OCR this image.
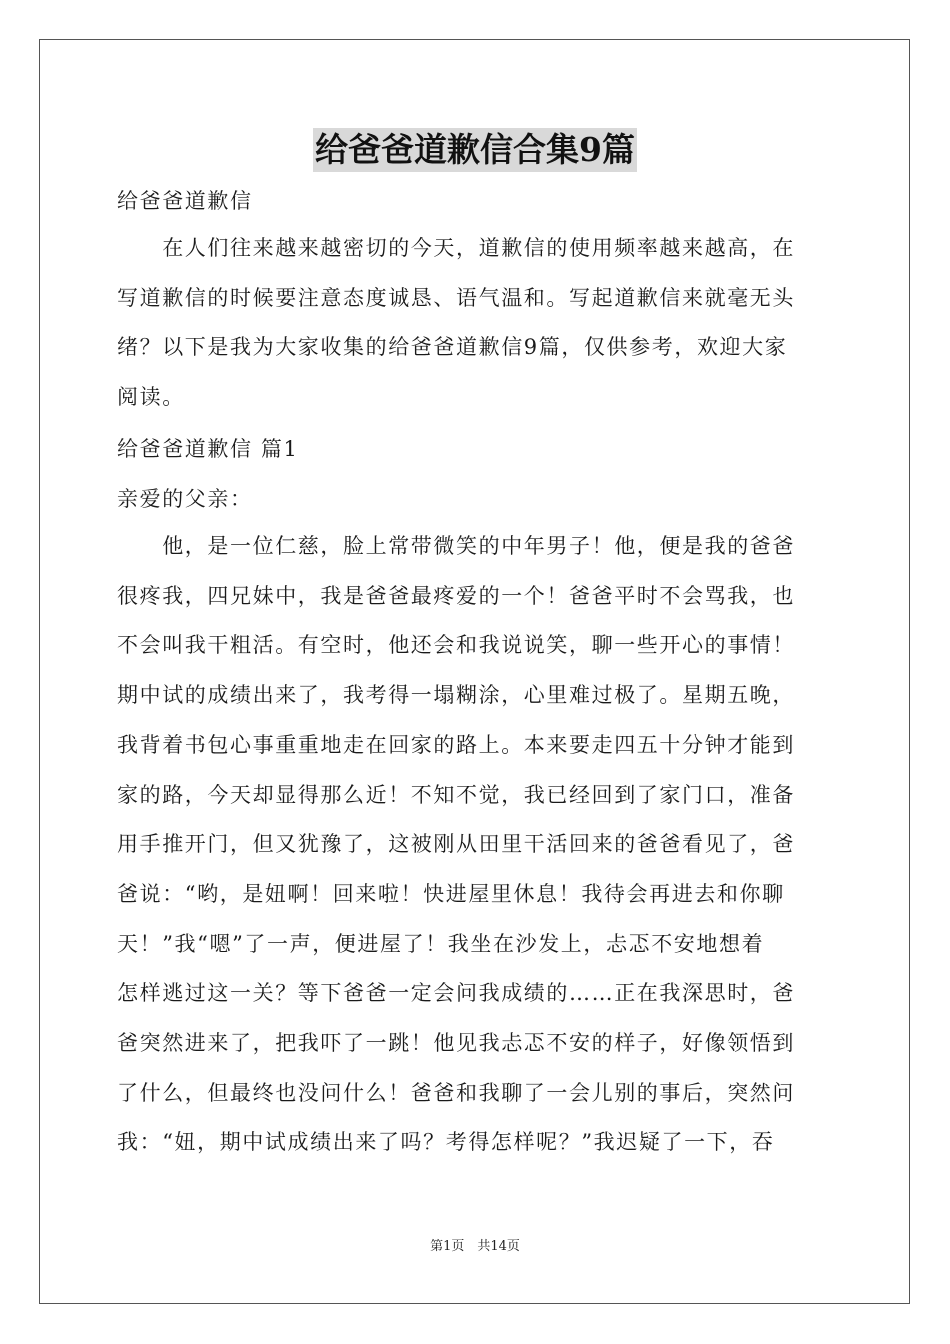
给爸爸道歉信合集9篇
给爸爸道歉信
　　在人们往来越来越密切的今天，道歉信的使用频率越来越高，在
写道歉信的时候要注意态度诚恳、语气温和。写起道歉信来就毫无头
绪？以下是我为大家收集的给爸爸道歉信9篇，仅供参考，欢迎大家
阅读。
给爸爸道歉信 篇1
亲爱的父亲：
　　他，是一位仁慈，脸上常带微笑的中年男子！他，便是我的爸爸
很疼我，四兄妹中，我是爸爸最疼爱的一个！爸爸平时不会骂我，也
不会叫我干粗活。有空时，他还会和我说说笑，聊一些开心的事情！
期中试的成绩出来了，我考得一塌糊涂，心里难过极了。星期五晚，
我背着书包心事重重地走在回家的路上。本来要走四五十分钟才能到
家的路，今天却显得那么近！不知不觉，我已经回到了家门口，准备
用手推开门，但又犹豫了，这被刚从田里干活回来的爸爸看见了，爸
爸说：“哟，是妞啊！回来啦！快进屋里休息！我待会再进去和你聊
天！”我“嗯”了一声，便进屋了！我坐在沙发上，忐忑不安地想着
怎样逃过这一关？等下爸爸一定会问我成绩的……正在我深思时，爸
爸突然进来了，把我吓了一跳！他见我忐忑不安的样子，好像领悟到
了什么，但最终也没问什么！爸爸和我聊了一会儿别的事后，突然问
我：“妞，期中试成绩出来了吗？考得怎样呢？”我迟疑了一下，吞
第1页　共14页
